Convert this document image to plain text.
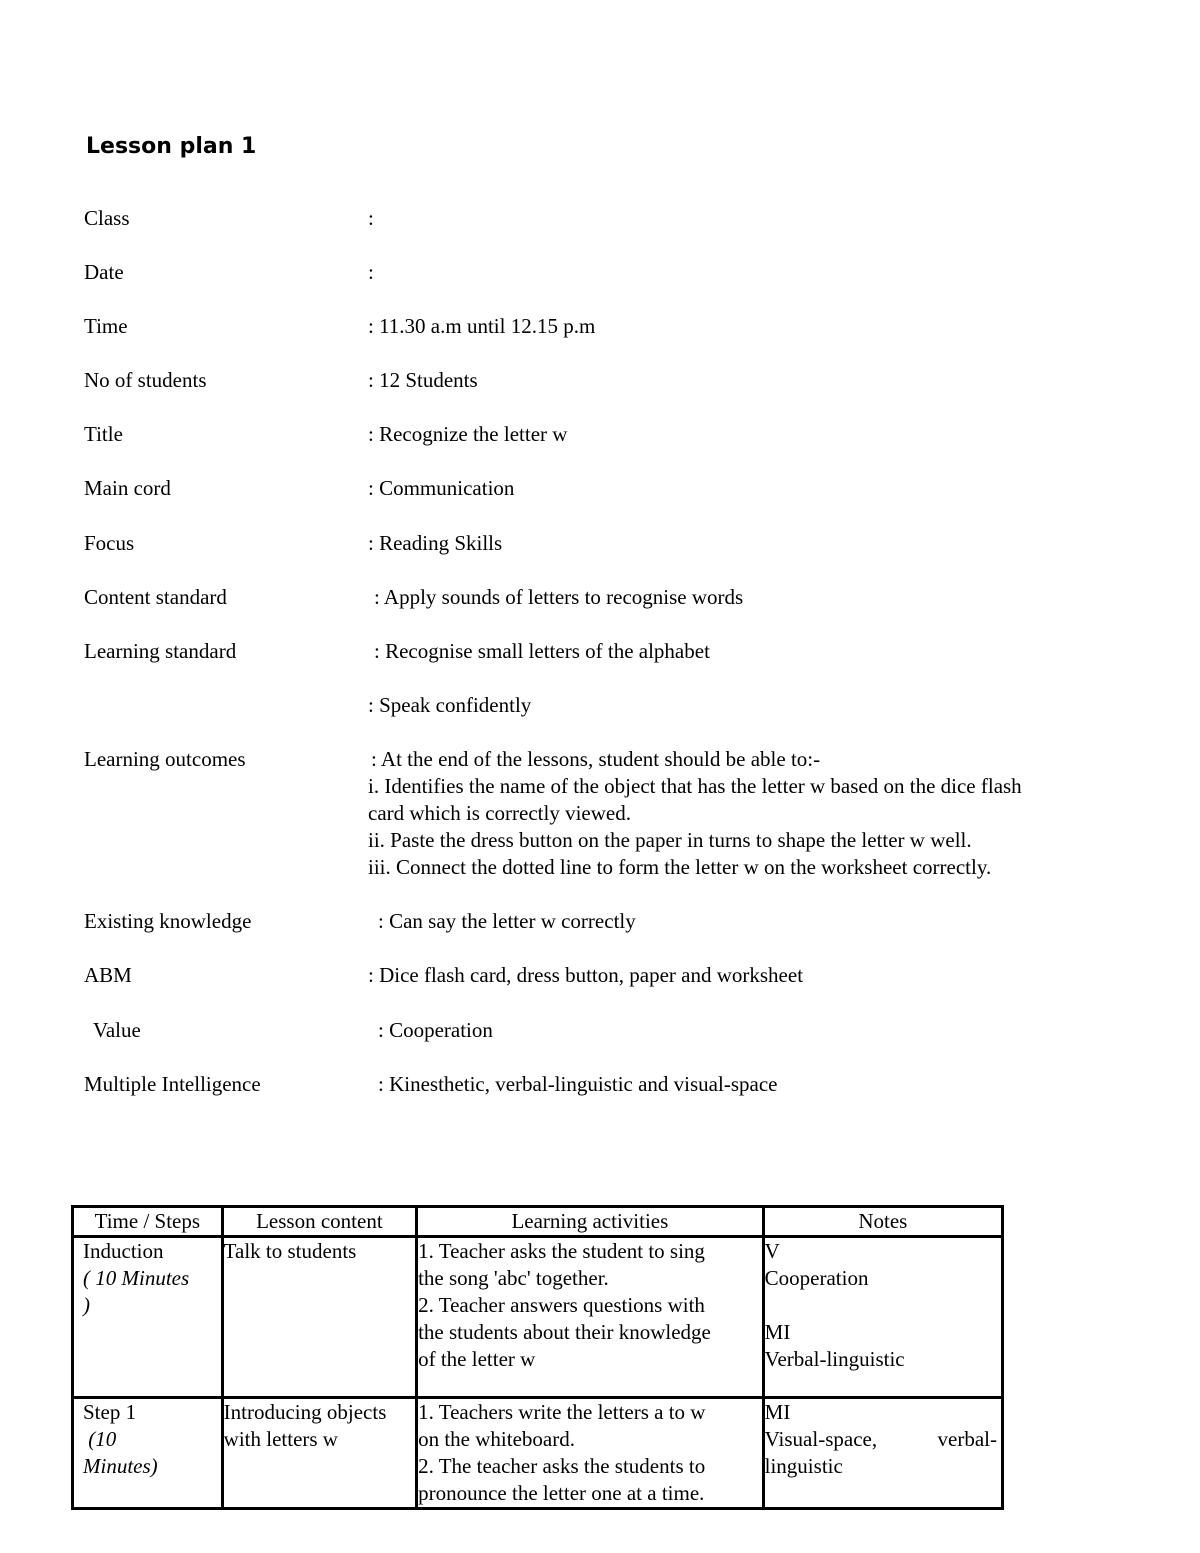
Lesson plan 1
Class	:
Date	:
Time	: 11.30 a.m until 12.15 p.m
No of students	: 12 Students
Title	: Recognize the letter w
Main cord	: Communication
Focus	: Reading Skills
Content standard	: Apply sounds of letters to recognise words
Learning standard	: Recognise small letters of the alphabet
: Speak confidently
Learning outcomes	: At the end of the lessons, student should be able to:-
i. Identifies the name of the object that has the letter w based on the dice flash
card which is correctly viewed.
ii. Paste the dress button on the paper in turns to shape the letter w well.
iii. Connect the dotted line to form the letter w on the worksheet correctly.
Existing knowledge	: Can say the letter w correctly
ABM	: Dice flash card, dress button, paper and worksheet
Value	: Cooperation
Multiple Intelligence	: Kinesthetic, verbal-linguistic and visual-space
Time / Steps	Lesson content	Learning activities	Notes

Induction
( 10 Minutes
)	Talk to students	1. Teacher asks the student to sing
the song 'abc' together.
2. Teacher answers questions with
the students about their knowledge
of the letter w	V
Cooperation
MI
Verbal-linguistic

Step 1
(10
Minutes)	Introducing objects
with letters w	1. Teachers write the letters a to w
on the whiteboard.
2. The teacher asks the students to
pronounce the letter one at a time.	MI
Visual-space, verbal-
linguistic
